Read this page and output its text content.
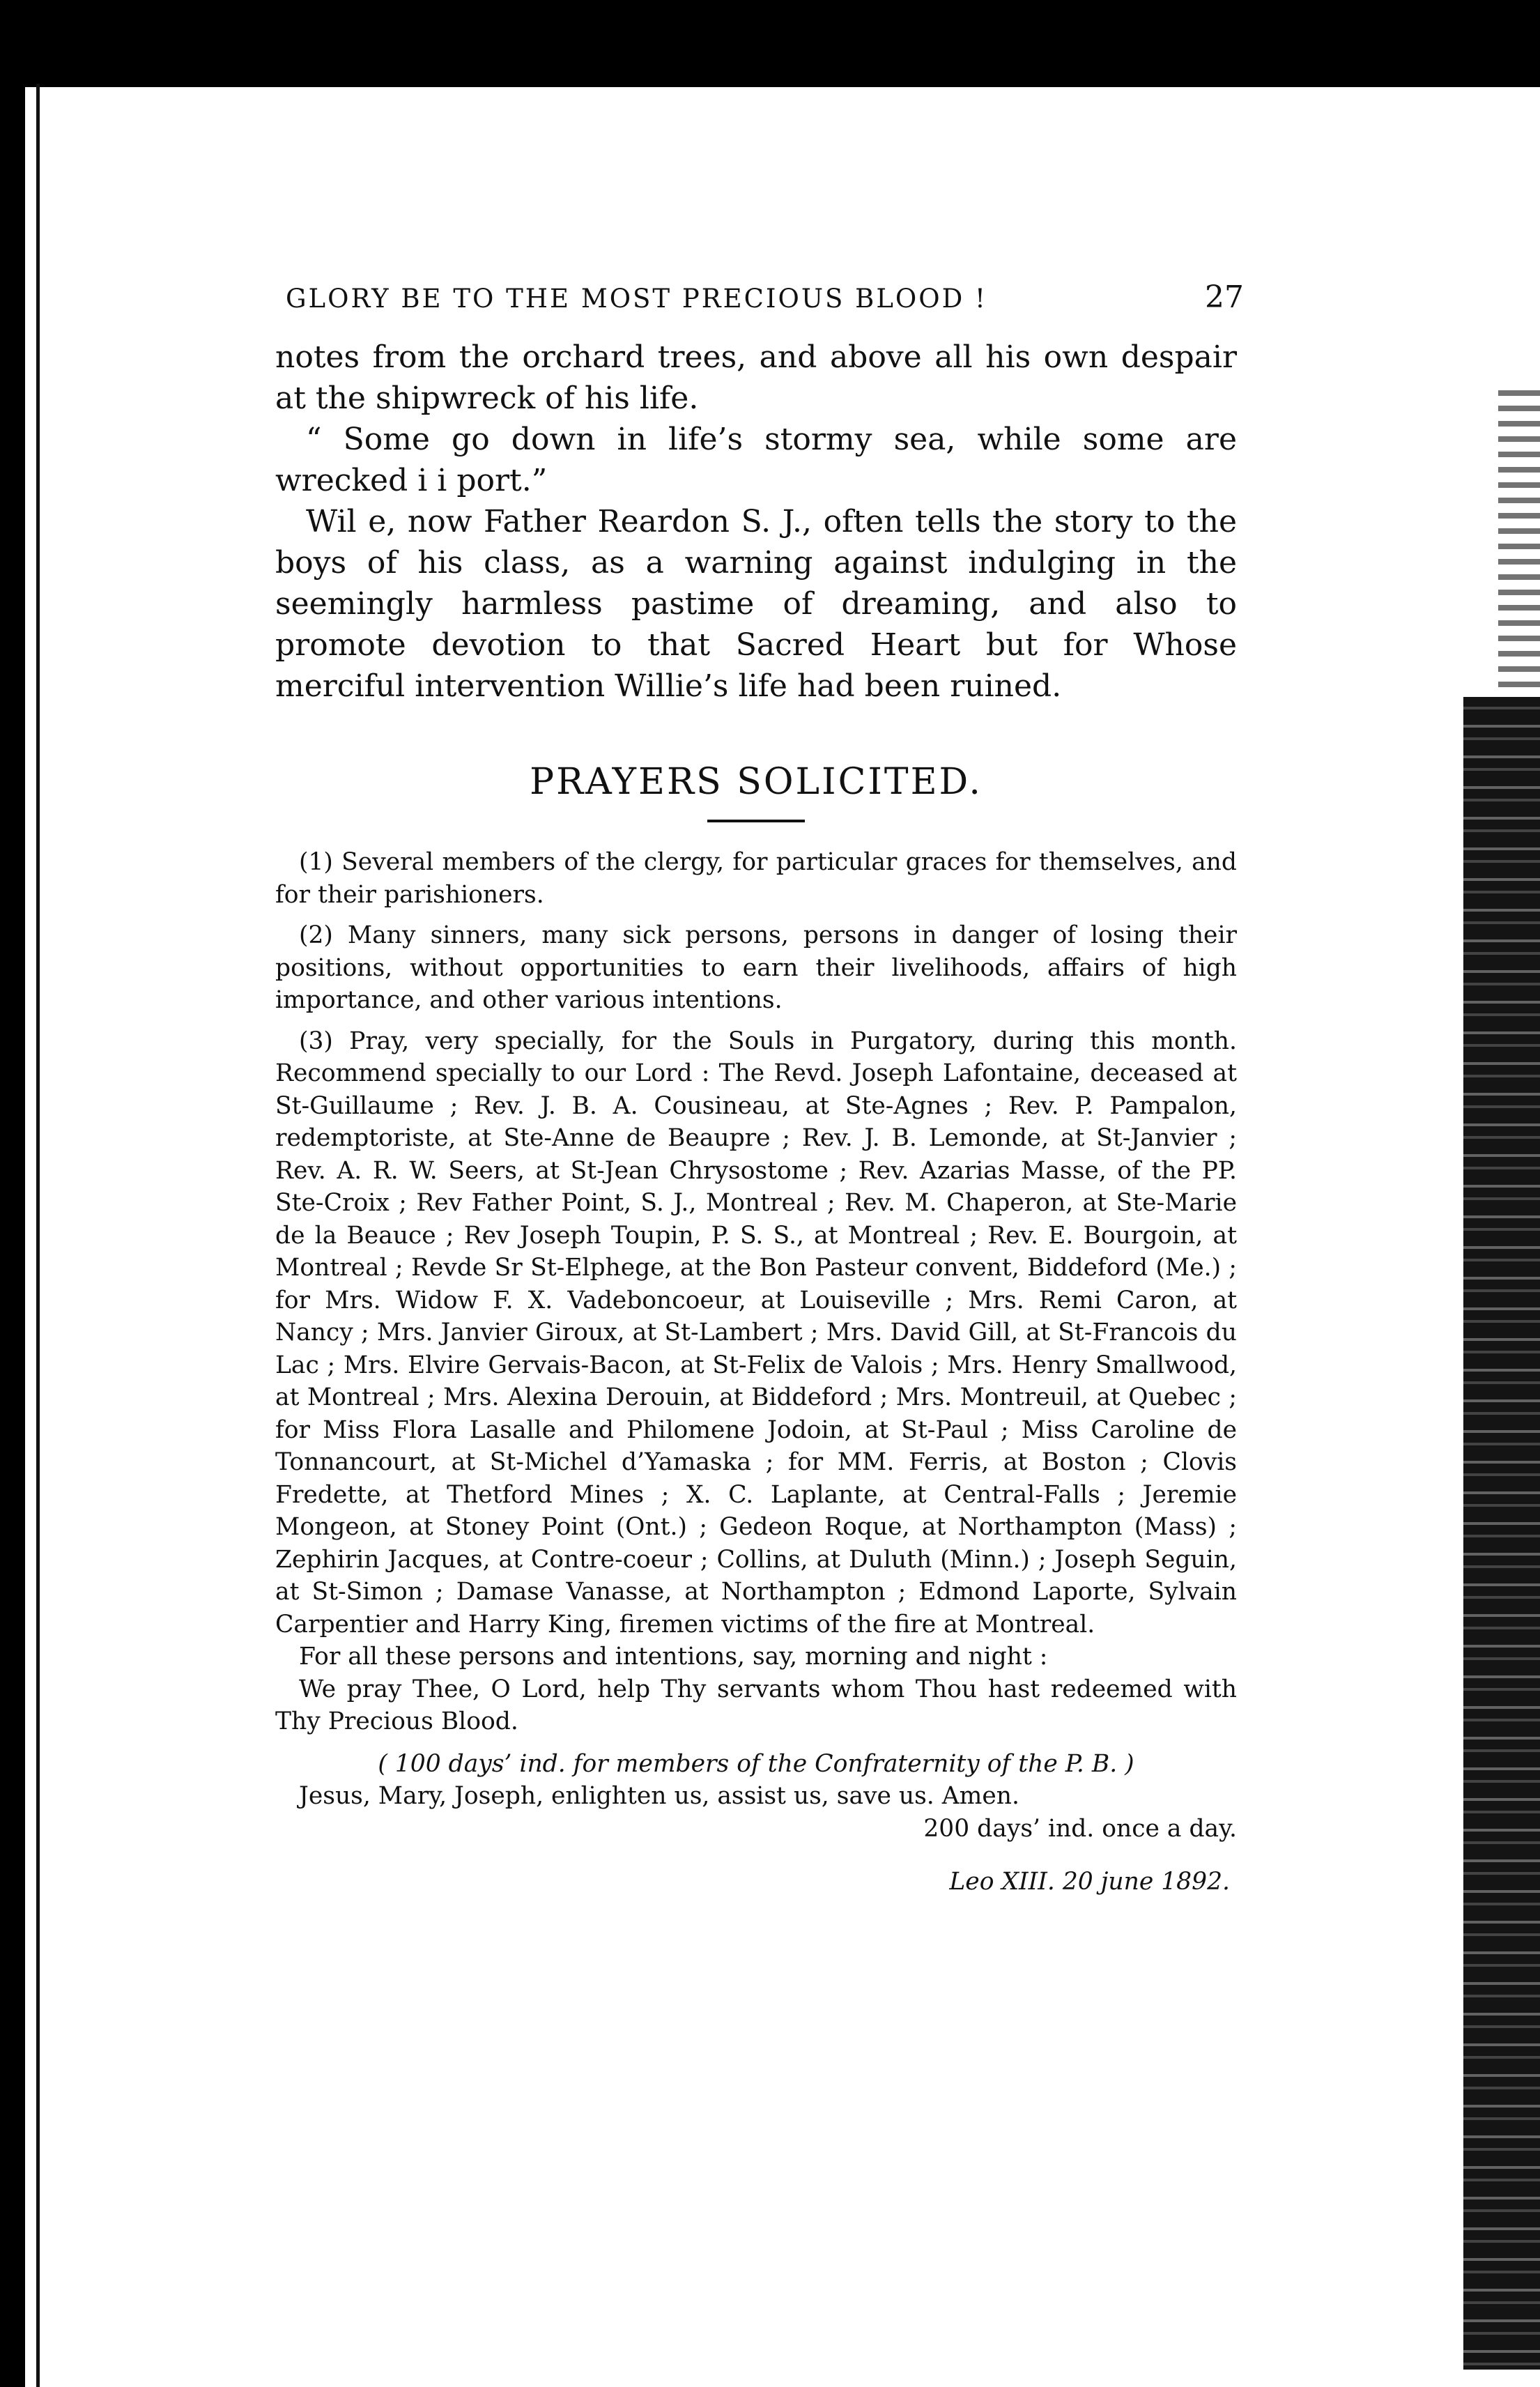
GLORY BE TO THE MOST PRECIOUS BLOOD !	27

notes from the orchard trees, and above all his own despair at the shipwreck of his life.

“ Some go down in life’s stormy sea, while some are wrecked i i port.”

Wil e, now Father Reardon S. J., often tells the story to the boys of his class, as a warning against indulging in the seemingly harmless pastime of dreaming, and also to promote devotion to that Sacred Heart but for Whose merciful intervention Willie’s life had been ruined.

PRAYERS SOLICITED.

(1) Several members of the clergy, for particular graces for themselves, and for their parishioners.

(2) Many sinners, many sick persons, persons in danger of losing their positions, without opportunities to earn their livelihoods, affairs of high importance, and other various intentions.

(3) Pray, very specially, for the Souls in Purgatory, during this month. Recommend specially to our Lord : The Revd. Joseph Lafontaine, deceased at St-Guillaume ; Rev. J. B. A. Cousineau, at Ste-Agnes ; Rev. P. Pampalon, redemptoriste, at Ste-Anne de Beaupre ; Rev. J. B. Lemonde, at St-Janvier ; Rev. A. R. W. Seers, at St-Jean Chrysostome ; Rev. Azarias Masse, of the PP. Ste-Croix ; Rev Father Point, S. J., Montreal ; Rev. M. Chaperon, at Ste-Marie de la Beauce ; Rev Joseph Toupin, P. S. S., at Montreal ; Rev. E. Bourgoin, at Montreal ; Revde Sr St-Elphege, at the Bon Pasteur convent, Biddeford (Me.) ; for Mrs. Widow F. X. Vadeboncoeur, at Louiseville ; Mrs. Remi Caron, at Nancy ; Mrs. Janvier Giroux, at St-Lambert ; Mrs. David Gill, at St-Francois du Lac ; Mrs. Elvire Gervais-Bacon, at St-Felix de Valois ; Mrs. Henry Smallwood, at Montreal ; Mrs. Alexina Derouin, at Biddeford ; Mrs. Montreuil, at Quebec ; for Miss Flora Lasalle and Philomene Jodoin, at St-Paul ; Miss Caroline de Tonnancourt, at St-Michel d’Yamaska ; for MM. Ferris, at Boston ; Clovis Fredette, at Thetford Mines ; X. C. Laplante, at Central-Falls ; Jeremie Mongeon, at Stoney Point (Ont.) ; Gedeon Roque, at Northampton (Mass) ; Zephirin Jacques, at Contre-coeur ; Collins, at Duluth (Minn.) ; Joseph Seguin, at St-Simon ; Damase Vanasse, at Northampton ; Edmond Laporte, Sylvain Carpentier and Harry King, firemen victims of the fire at Montreal.

For all these persons and intentions, say, morning and night :

We pray Thee, O Lord, help Thy servants whom Thou hast redeemed with Thy Precious Blood.

( 100 days’ ind. for members of the Confraternity of the P. B. )

Jesus, Mary, Joseph, enlighten us, assist us, save us. Amen.

200 days’ ind. once a day.

Leo XIII. 20 june 1892.
